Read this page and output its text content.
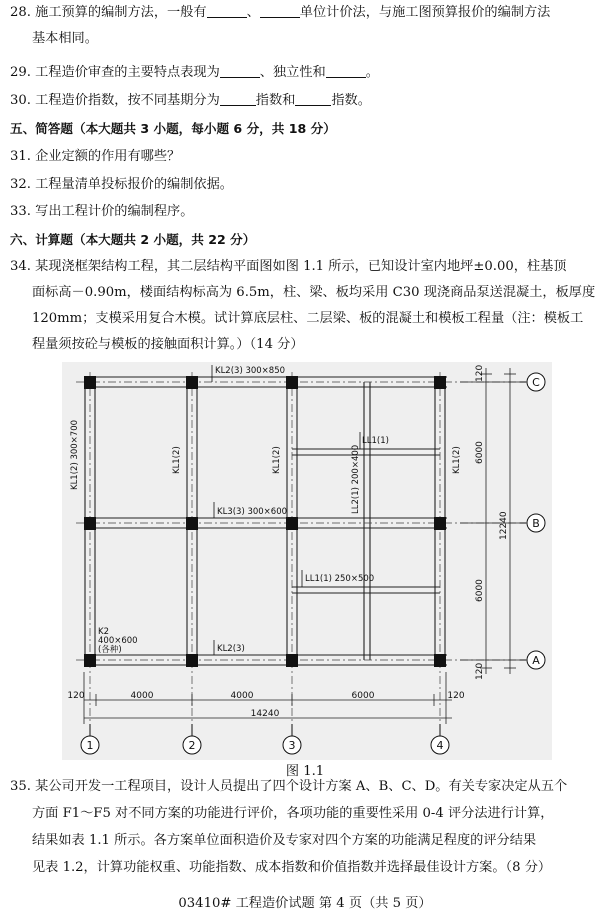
28. 施工预算的编制方法，一般有	、	单位计价法，与施工图预算报价的编制方法
基本相同。
29. 工程造价审查的主要特点表现为	、独立性和	。
30. 工程造价指数，按不同基期分为	指数和	指数。
五、简答题（本大题共 3 小题，每小题 6 分，共 18 分）
31. 企业定额的作用有哪些？
32. 工程量清单投标报价的编制依据。
33. 写出工程计价的编制程序。
六、计算题（本大题共 2 小题，共 22 分）
34. 某现浇框架结构工程，其二层结构平面图如图 1.1 所示，已知设计室内地坪±0.00，柱基顶
面标高－0.90m，楼面结构标高为 6.5m，柱、梁、板均采用 C30 现浇商品泵送混凝土，板厚度
120mm；支模采用复合木模。试计算底层柱、二层梁、板的混凝土和模板工程量（注：模板工
程量须按砼与模板的接触面积计算。）（14 分）
KL2(3) 300×850
KL1(2) 300×700	KL1(2)	KL1(2)	KL1(2)
LL1(1)
LL2(1) 200×400
KL3(3) 300×600
LL1(1) 250×500
KL2(3)
K2
400×600
(各种)
120
6000
12240
6000
120
C
B
A
120	4000	4000	6000	120
14240
1	2	3	4
图 1.1
35. 某公司开发一工程项目，设计人员提出了四个设计方案 A、B、C、D。有关专家决定从五个
方面 F1～F5 对不同方案的功能进行评价，各项功能的重要性采用 0-4 评分法进行计算，
结果如表 1.1 所示。各方案单位面积造价及专家对四个方案的功能满足程度的评分结果
见表 1.2，计算功能权重、功能指数、成本指数和价值指数并选择最佳设计方案。（8 分）
03410# 工程造价试题 第 4 页（共 5 页）
